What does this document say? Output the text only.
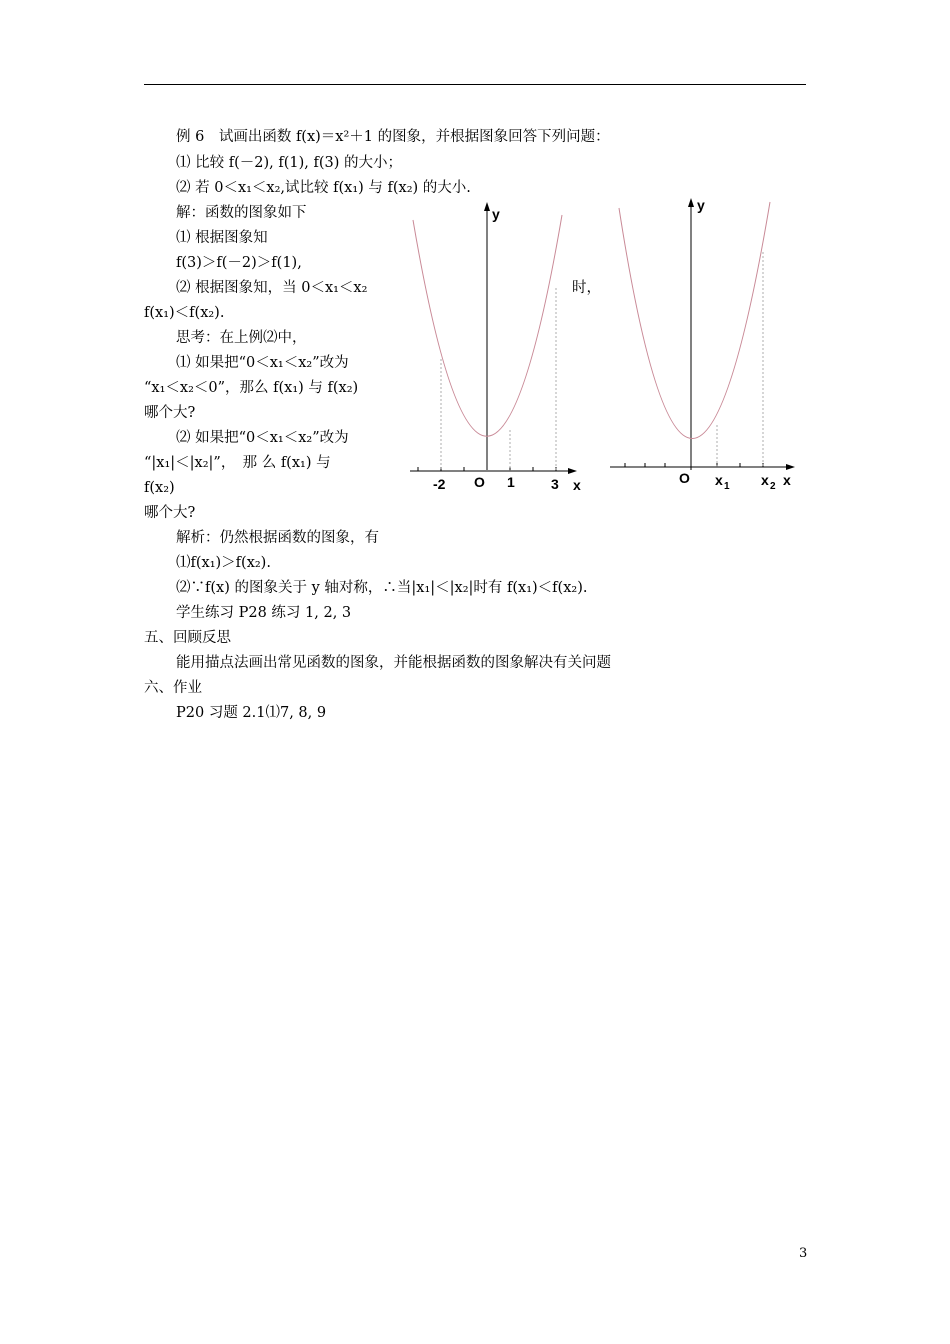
例 6　试画出函数 f(x)＝x²＋1 的图象，并根据图象回答下列问题：
⑴ 比较 f(－2), f(1), f(3) 的大小；
⑵ 若 0＜x₁＜x₂,试比较 f(x₁) 与 f(x₂) 的大小.
解：函数的图象如下
⑴ 根据图象知
f(3)＞f(－2)＞f(1),
⑵ 根据图象知，当 0＜x₁＜x₂	时，
f(x₁)＜f(x₂).
思考：在上例⑵中，
⑴ 如果把“0＜x₁＜x₂”改为
“x₁＜x₂＜0”，那么 f(x₁) 与 f(x₂)
哪个大?
⑵ 如果把“0＜x₁＜x₂”改为
“|x₁|＜|x₂|”，　那 么 f(x₁) 与
f(x₂)
哪个大?
解析：仍然根据函数的图象，有
⑴f(x₁)＞f(x₂).
⑵∵f(x) 的图象关于 y 轴对称，∴当|x₁|＜|x₂|时有 f(x₁)＜f(x₂).
学生练习 P28 练习 1, 2, 3
五、回顾反思
能用描点法画出常见函数的图象，并能根据函数的图象解决有关问题
六、作业
P20 习题 2.1⑴7, 8, 9
y
-2 O 1	3 x
y
O x 1 x 2 x
3
